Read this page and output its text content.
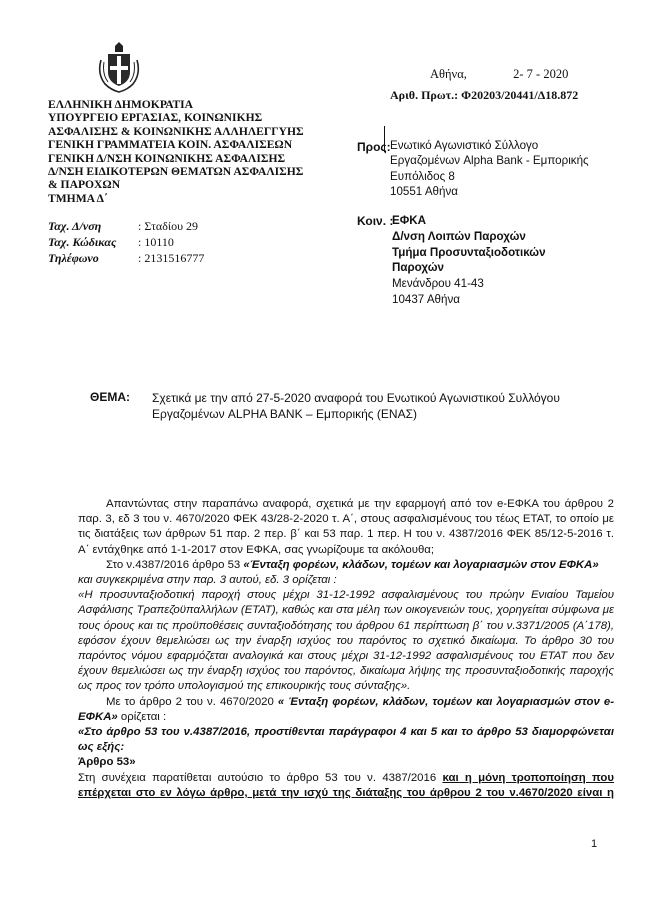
ΕΛΛΗΝΙΚΗ ΔΗΜΟΚΡΑΤΙΑ
ΥΠΟΥΡΓΕΙΟ ΕΡΓΑΣΙΑΣ, ΚΟΙΝΩΝΙΚΗΣ
ΑΣΦΑΛΙΣΗΣ & ΚΟΙΝΩΝΙΚΗΣ ΑΛΛΗΛΕΓΓΥΗΣ
ΓΕΝΙΚΗ ΓΡΑΜΜΑΤΕΙΑ ΚΟΙΝ. ΑΣΦΑΛΙΣΕΩΝ
ΓΕΝΙΚΗ Δ/ΝΣΗ ΚΟΙΝΩΝΙΚΗΣ ΑΣΦΑΛΙΣΗΣ
Δ/ΝΣΗ ΕΙΔΙΚΟΤΕΡΩΝ ΘΕΜΑΤΩΝ ΑΣΦΑΛΙΣΗΣ
& ΠΑΡΟΧΩΝ
ΤΜΗΜΑ Δ΄
Ταχ. Δ/νση	: Σταδίου 29
Ταχ. Κώδικας	: 10110
Τηλέφωνο	: 2131516777
Αθήνα,	2- 7 - 2020
Αριθ. Πρωτ.: Φ20203/20441/Δ18.872
Προς: Ενωτικό Αγωνιστικό Σύλλογο
Εργαζομένων Alpha Bank - Εμπορικής
Ευπόλιδος 8
10551 Αθήνα
Κοιν. :
ΕΦΚΑ
Δ/νση Λοιπών Παροχών
Τμήμα Προσυνταξιοδοτικών
Παροχών
Μενάνδρου 41-43
10437 Αθήνα
ΘΕΜΑ: Σχετικά με την από 27-5-2020 αναφορά του Ενωτικού Αγωνιστικού Συλλόγου Εργαζομένων ALPHA BANK – Εμπορικής (ΕΝΑΣ)

Απαντώντας στην παραπάνω αναφορά, σχετικά με την εφαρμογή από τον e-ΕΦΚΑ του άρθρου 2 παρ. 3, εδ 3 του ν. 4670/2020 ΦΕΚ 43/28-2-2020 τ. Α΄, στους ασφαλισμένους του τέως ΕΤΑΤ, το οποίο με τις διατάξεις των άρθρων 51 παρ. 2 περ. β΄ και 53 παρ. 1 περ. Η του ν. 4387/2016 ΦΕΚ 85/12-5-2016 τ. Α΄ εντάχθηκε από 1-1-2017 στον ΕΦΚΑ, σας γνωρίζουμε τα ακόλουθα;

Στο ν.4387/2016 άρθρο 53 «Ένταξη φορέων, κλάδων, τομέων και λογαριασμών στον ΕΦΚΑ»

και συγκεκριμένα στην παρ. 3 αυτού, εδ. 3 ορίζεται :

«Η προσυνταξιοδοτική παροχή στους μέχρι 31-12-1992 ασφαλισμένους του πρώην Ενιαίου Ταμείου Ασφάλισης Τραπεζοϋπαλλήλων (ΕΤΑΤ), καθώς και στα μέλη των οικογενειών τους, χορηγείται σύμφωνα με τους όρους και τις προϋποθέσεις συνταξιοδότησης του άρθρου 61 περίπτωση β΄ του ν.3371/2005 (Α΄178), εφόσον έχουν θεμελιώσει ως την έναρξη ισχύος του παρόντος το σχετικό δικαίωμα. Το άρθρο 30 του παρόντος νόμου εφαρμόζεται αναλογικά και στους μέχρι 31-12-1992 ασφαλισμένους του ΕΤΑΤ που δεν έχουν θεμελιώσει ως την έναρξη ισχύος του παρόντος, δικαίωμα λήψης της προσυνταξιοδοτικής παροχής ως προς τον τρόπο υπολογισμού της επικουρικής τους σύνταξης».

Με το άρθρο 2 του ν. 4670/2020 « Ένταξη φορέων, κλάδων, τομέων και λογαριασμών στον e-ΕΦΚΑ» ορίζεται :

«Στο άρθρο 53 του ν.4387/2016, προστίθενται παράγραφοι 4 και 5 και το άρθρο 53 διαμορφώνεται ως εξής:

Άρθρο 53»

Στη συνέχεια παρατίθεται αυτούσιο το άρθρο 53 του ν. 4387/2016 και η μόνη τροποποίηση που επέρχεται στο εν λόγω άρθρο, μετά την ισχύ της διάταξης του άρθρου 2 του ν.4670/2020 είναι η

1
